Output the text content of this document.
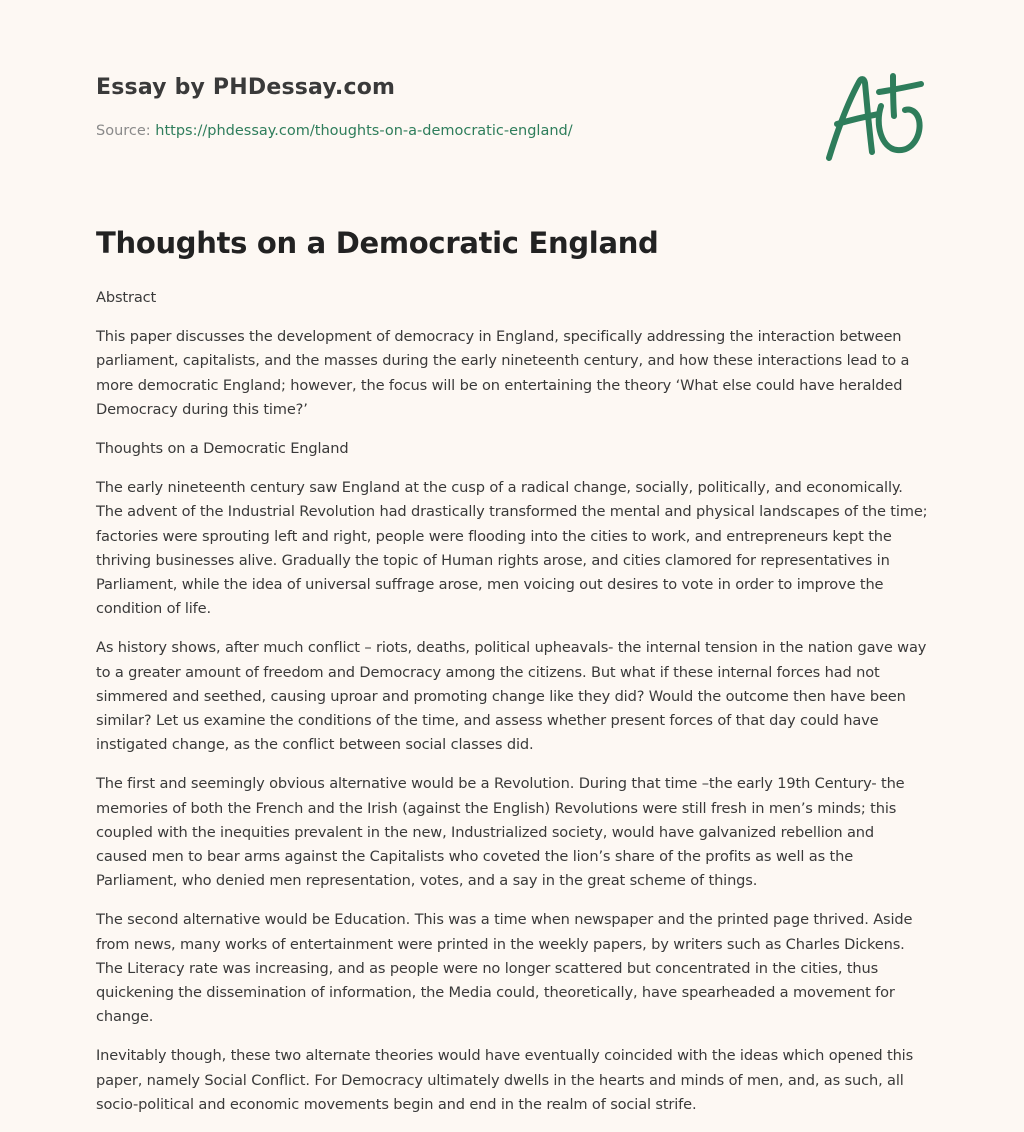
Essay by PHDessay.com

Source: https://phdessay.com/thoughts-on-a-democratic-england/

Thoughts on a Democratic England

Abstract

This paper discusses the development of democracy in England, specifically addressing the interaction between parliament, capitalists, and the masses during the early nineteenth century, and how these interactions lead to a more democratic England; however, the focus will be on entertaining the theory ‘What else could have heralded Democracy during this time?’

Thoughts on a Democratic England

The early nineteenth century saw England at the cusp of a radical change, socially, politically, and economically. The advent of the Industrial Revolution had drastically transformed the mental and physical landscapes of the time; factories were sprouting left and right, people were flooding into the cities to work, and entrepreneurs kept the thriving businesses alive. Gradually the topic of Human rights arose, and cities clamored for representatives in Parliament, while the idea of universal suffrage arose, men voicing out desires to vote in order to improve the condition of life.

As history shows, after much conflict – riots, deaths, political upheavals- the internal tension in the nation gave way to a greater amount of freedom and Democracy among the citizens. But what if these internal forces had not simmered and seethed, causing uproar and promoting change like they did? Would the outcome then have been similar? Let us examine the conditions of the time, and assess whether present forces of that day could have instigated change, as the conflict between social classes did.

The first and seemingly obvious alternative would be a Revolution. During that time –the early 19th Century- the memories of both the French and the Irish (against the English) Revolutions were still fresh in men’s minds; this coupled with the inequities prevalent in the new, Industrialized society, would have galvanized rebellion and caused men to bear arms against the Capitalists who coveted the lion’s share of the profits as well as the Parliament, who denied men representation, votes, and a say in the great scheme of things.

The second alternative would be Education. This was a time when newspaper and the printed page thrived. Aside from news, many works of entertainment were printed in the weekly papers, by writers such as Charles Dickens. The Literacy rate was increasing, and as people were no longer scattered but concentrated in the cities, thus quickening the dissemination of information, the Media could, theoretically, have spearheaded a movement for change.

Inevitably though, these two alternate theories would have eventually coincided with the ideas which opened this paper, namely Social Conflict. For Democracy ultimately dwells in the hearts and minds of men, and, as such, all socio-political and economic movements begin and end in the realm of social strife.
